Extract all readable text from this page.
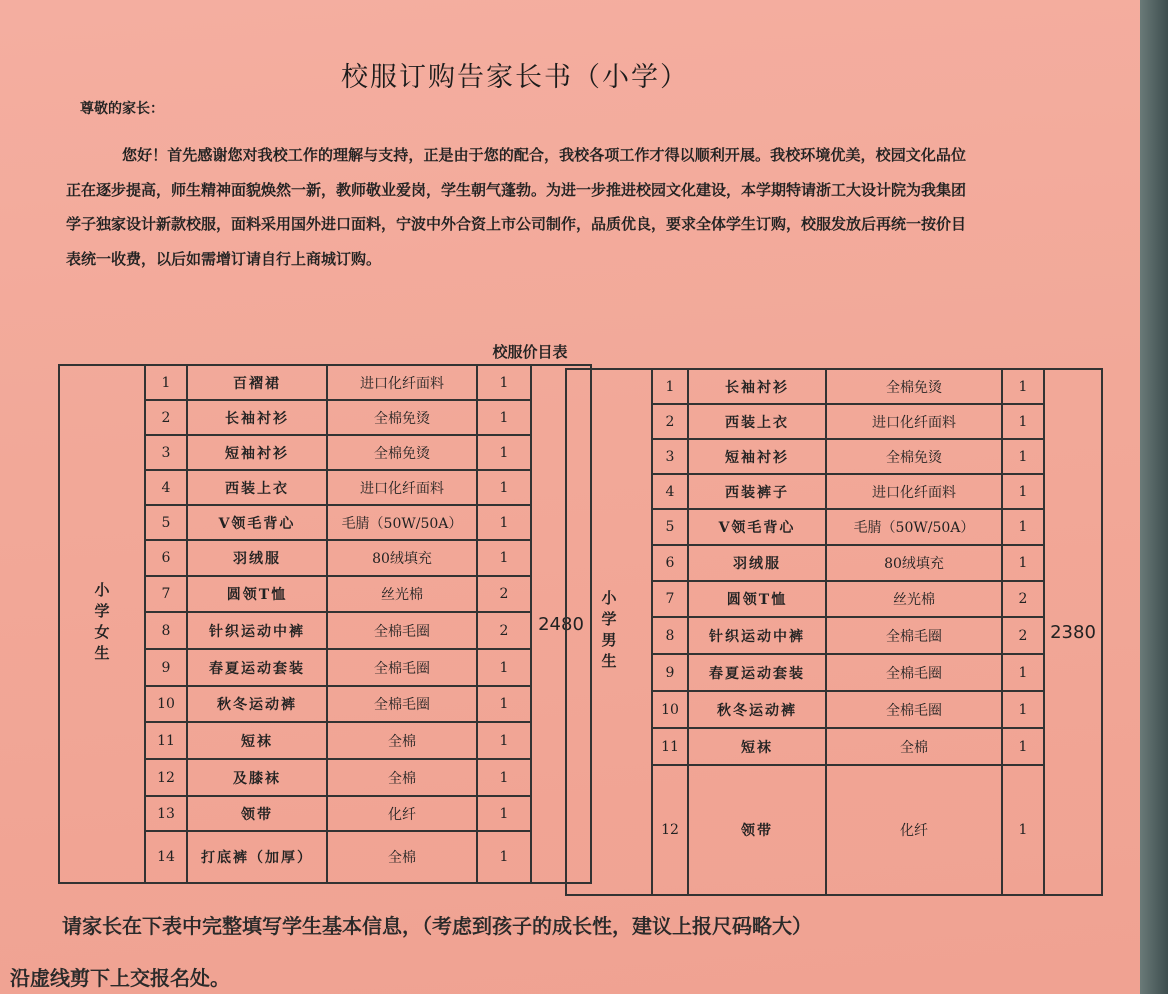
校服订购告家长书（小学）
尊敬的家长：
您好！首先感谢您对我校工作的理解与支持，正是由于您的配合，我校各项工作才得以顺利开展。我校环境优美，校园文化品位正在逐步提高，师生精神面貌焕然一新，教师敬业爱岗，学生朝气蓬勃。为进一步推进校园文化建设，本学期特请浙工大设计院为我集团学子独家设计新款校服，面料采用国外进口面料，宁波中外合资上市公司制作，品质优良，要求全体学生订购，校服发放后再统一按价目表统一收费，以后如需增订请自行上商城订购。
校服价目表
小学女生	1	百褶裙	进口化纤面料	1	2480
	2	长袖衬衫	全棉免烫	1	
	3	短袖衬衫	全棉免烫	1	
	4	西装上衣	进口化纤面料	1	
	5	V领毛背心	毛腈（50W/50A）	1	
	6	羽绒服	80绒填充	1	
	7	圆领T恤	丝光棉	2	
	8	针织运动中裤	全棉毛圈	2	
	9	春夏运动套装	全棉毛圈	1	
	10	秋冬运动裤	全棉毛圈	1	
	11	短袜	全棉	1	
	12	及膝袜	全棉	1	
	13	领带	化纤	1	
	14	打底裤（加厚）	全棉	1	
小学男生	1	长袖衬衫	全棉免烫	1	2380
	2	西装上衣	进口化纤面料	1	
	3	短袖衬衫	全棉免烫	1	
	4	西装裤子	进口化纤面料	1	
	5	V领毛背心	毛腈（50W/50A）	1	
	6	羽绒服	80绒填充	1	
	7	圆领T恤	丝光棉	2	
	8	针织运动中裤	全棉毛圈	2	
	9	春夏运动套装	全棉毛圈	1	
	10	秋冬运动裤	全棉毛圈	1	
	11	短袜	全棉	1	
	12	领带	化纤	1	
请家长在下表中完整填写学生基本信息，（考虑到孩子的成长性，建议上报尺码略大）
沿虚线剪下上交报名处。
